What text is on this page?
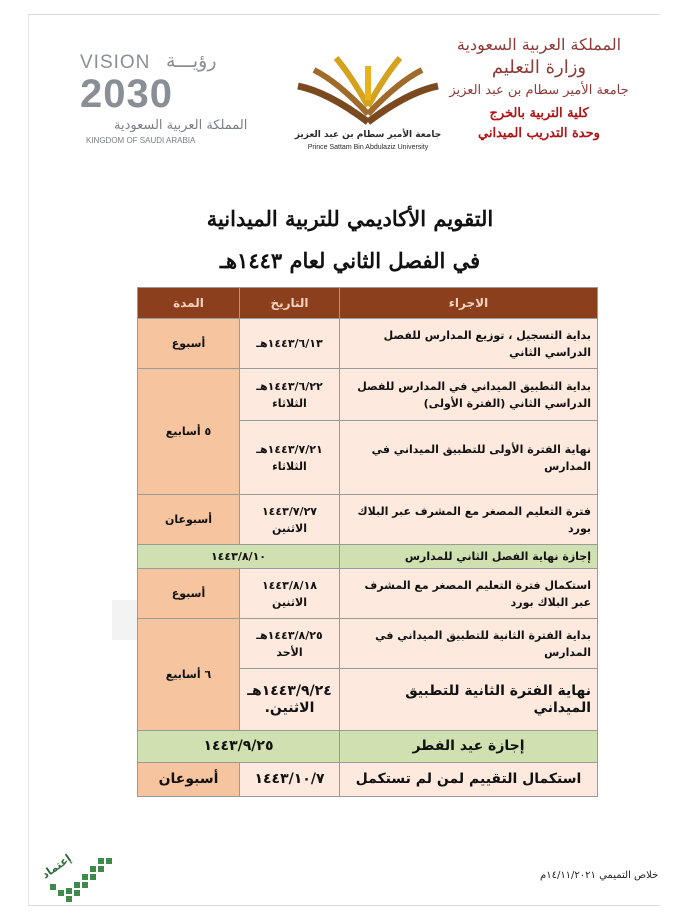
VISION رؤيـــة
2030
المملكة العربية السعودية
KINGDOM OF SAUDI ARABIA
جامعة الأمير سطام بن عبد العزيز
Prince Sattam Bin Abdulaziz University
المملكة العربية السعودية
وزارة التعليم
جامعة الأمير سطام بن عبد العزيز
كلية التربية بالخرج
وحدة التدريب الميداني
التقويم الأكاديمي للتربية الميدانية
في الفصل الثاني لعام ١٤٤٣هـ
الاجراء	التاريخ	المدة
بداية التسجيل ، توزيع المدارس للفصل الدراسي الثاني	١٤٤٣/٦/١٣هـ	أسبوع
بداية التطبيق الميداني في المدارس للفصل الدراسي الثاني (الفترة الأولى)	١٤٤٣/٦/٢٢هـ الثلاثاء	٥ أسابيع
نهاية الفترة الأولى للتطبيق الميداني في المدارس	١٤٤٣/٧/٢١هـ الثلاثاء	
فترة التعليم المصغر مع المشرف عبر البلاك بورد	١٤٤٣/٧/٢٧ الاثنين	أسبوعان
إجازة نهاية الفصل الثاني للمدارس	١٤٤٣/٨/١٠	
استكمال فترة التعليم المصغر مع المشرف عبر البلاك بورد	١٤٤٣/٨/١٨ الاثنين	أسبوع
بداية الفترة الثانية للتطبيق الميداني في المدارس	١٤٤٣/٨/٢٥هـ الأحد	٦ أسابيع
نهاية الفترة الثانية للتطبيق الميداني	١٤٤٣/٩/٢٤هـ الاثنين.	
إجازة عيد الفطر	١٤٤٣/٩/٢٥	
استكمال التقييم لمن لم تستكمل	١٤٤٣/١٠/٧	أسبوعان
إعتماد	خلاص التميمي ١٤/١١/٢٠٢١م
